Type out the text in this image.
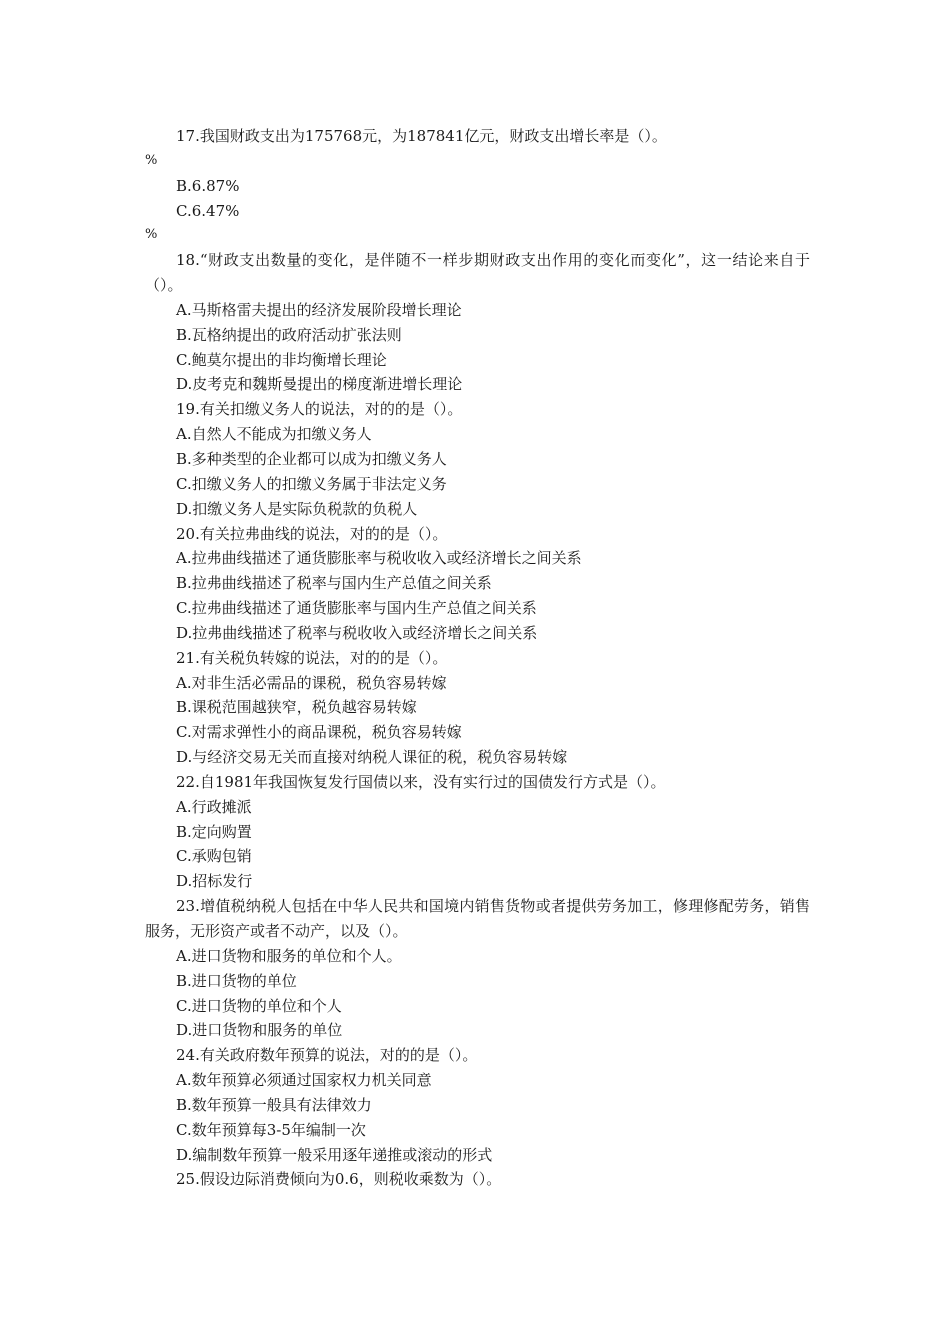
17.我国财政支出为175768元，为187841亿元，财政支出增长率是（）。

%

B.6.87%

C.6.47%

%

18.“财政支出数量的变化，是伴随不一样步期财政支出作用的变化而变化”，这一结论来自于（）。

A.马斯格雷夫提出的经济发展阶段增长理论

B.瓦格纳提出的政府活动扩张法则

C.鲍莫尔提出的非均衡增长理论

D.皮考克和魏斯曼提出的梯度渐进增长理论

19.有关扣缴义务人的说法，对的的是（）。

A.自然人不能成为扣缴义务人

B.多种类型的企业都可以成为扣缴义务人

C.扣缴义务人的扣缴义务属于非法定义务

D.扣缴义务人是实际负税款的负税人

20.有关拉弗曲线的说法，对的的是（）。

A.拉弗曲线描述了通货膨胀率与税收收入或经济增长之间关系

B.拉弗曲线描述了税率与国内生产总值之间关系

C.拉弗曲线描述了通货膨胀率与国内生产总值之间关系

D.拉弗曲线描述了税率与税收收入或经济增长之间关系

21.有关税负转嫁的说法，对的的是（）。

A.对非生活必需品的课税，税负容易转嫁

B.课税范围越狭窄，税负越容易转嫁

C.对需求弹性小的商品课税，税负容易转嫁

D.与经济交易无关而直接对纳税人课征的税，税负容易转嫁

22.自1981年我国恢复发行国债以来，没有实行过的国债发行方式是（）。

A.行政摊派

B.定向购置

C.承购包销

D.招标发行

23.增值税纳税人包括在中华人民共和国境内销售货物或者提供劳务加工，修理修配劳务，销售服务，无形资产或者不动产，以及（）。

A.进口货物和服务的单位和个人。

B.进口货物的单位

C.进口货物的单位和个人

D.进口货物和服务的单位

24.有关政府数年预算的说法，对的的是（）。

A.数年预算必须通过国家权力机关同意

B.数年预算一般具有法律效力

C.数年预算每3-5年编制一次

D.编制数年预算一般采用逐年递推或滚动的形式

25.假设边际消费倾向为0.6，则税收乘数为（）。
